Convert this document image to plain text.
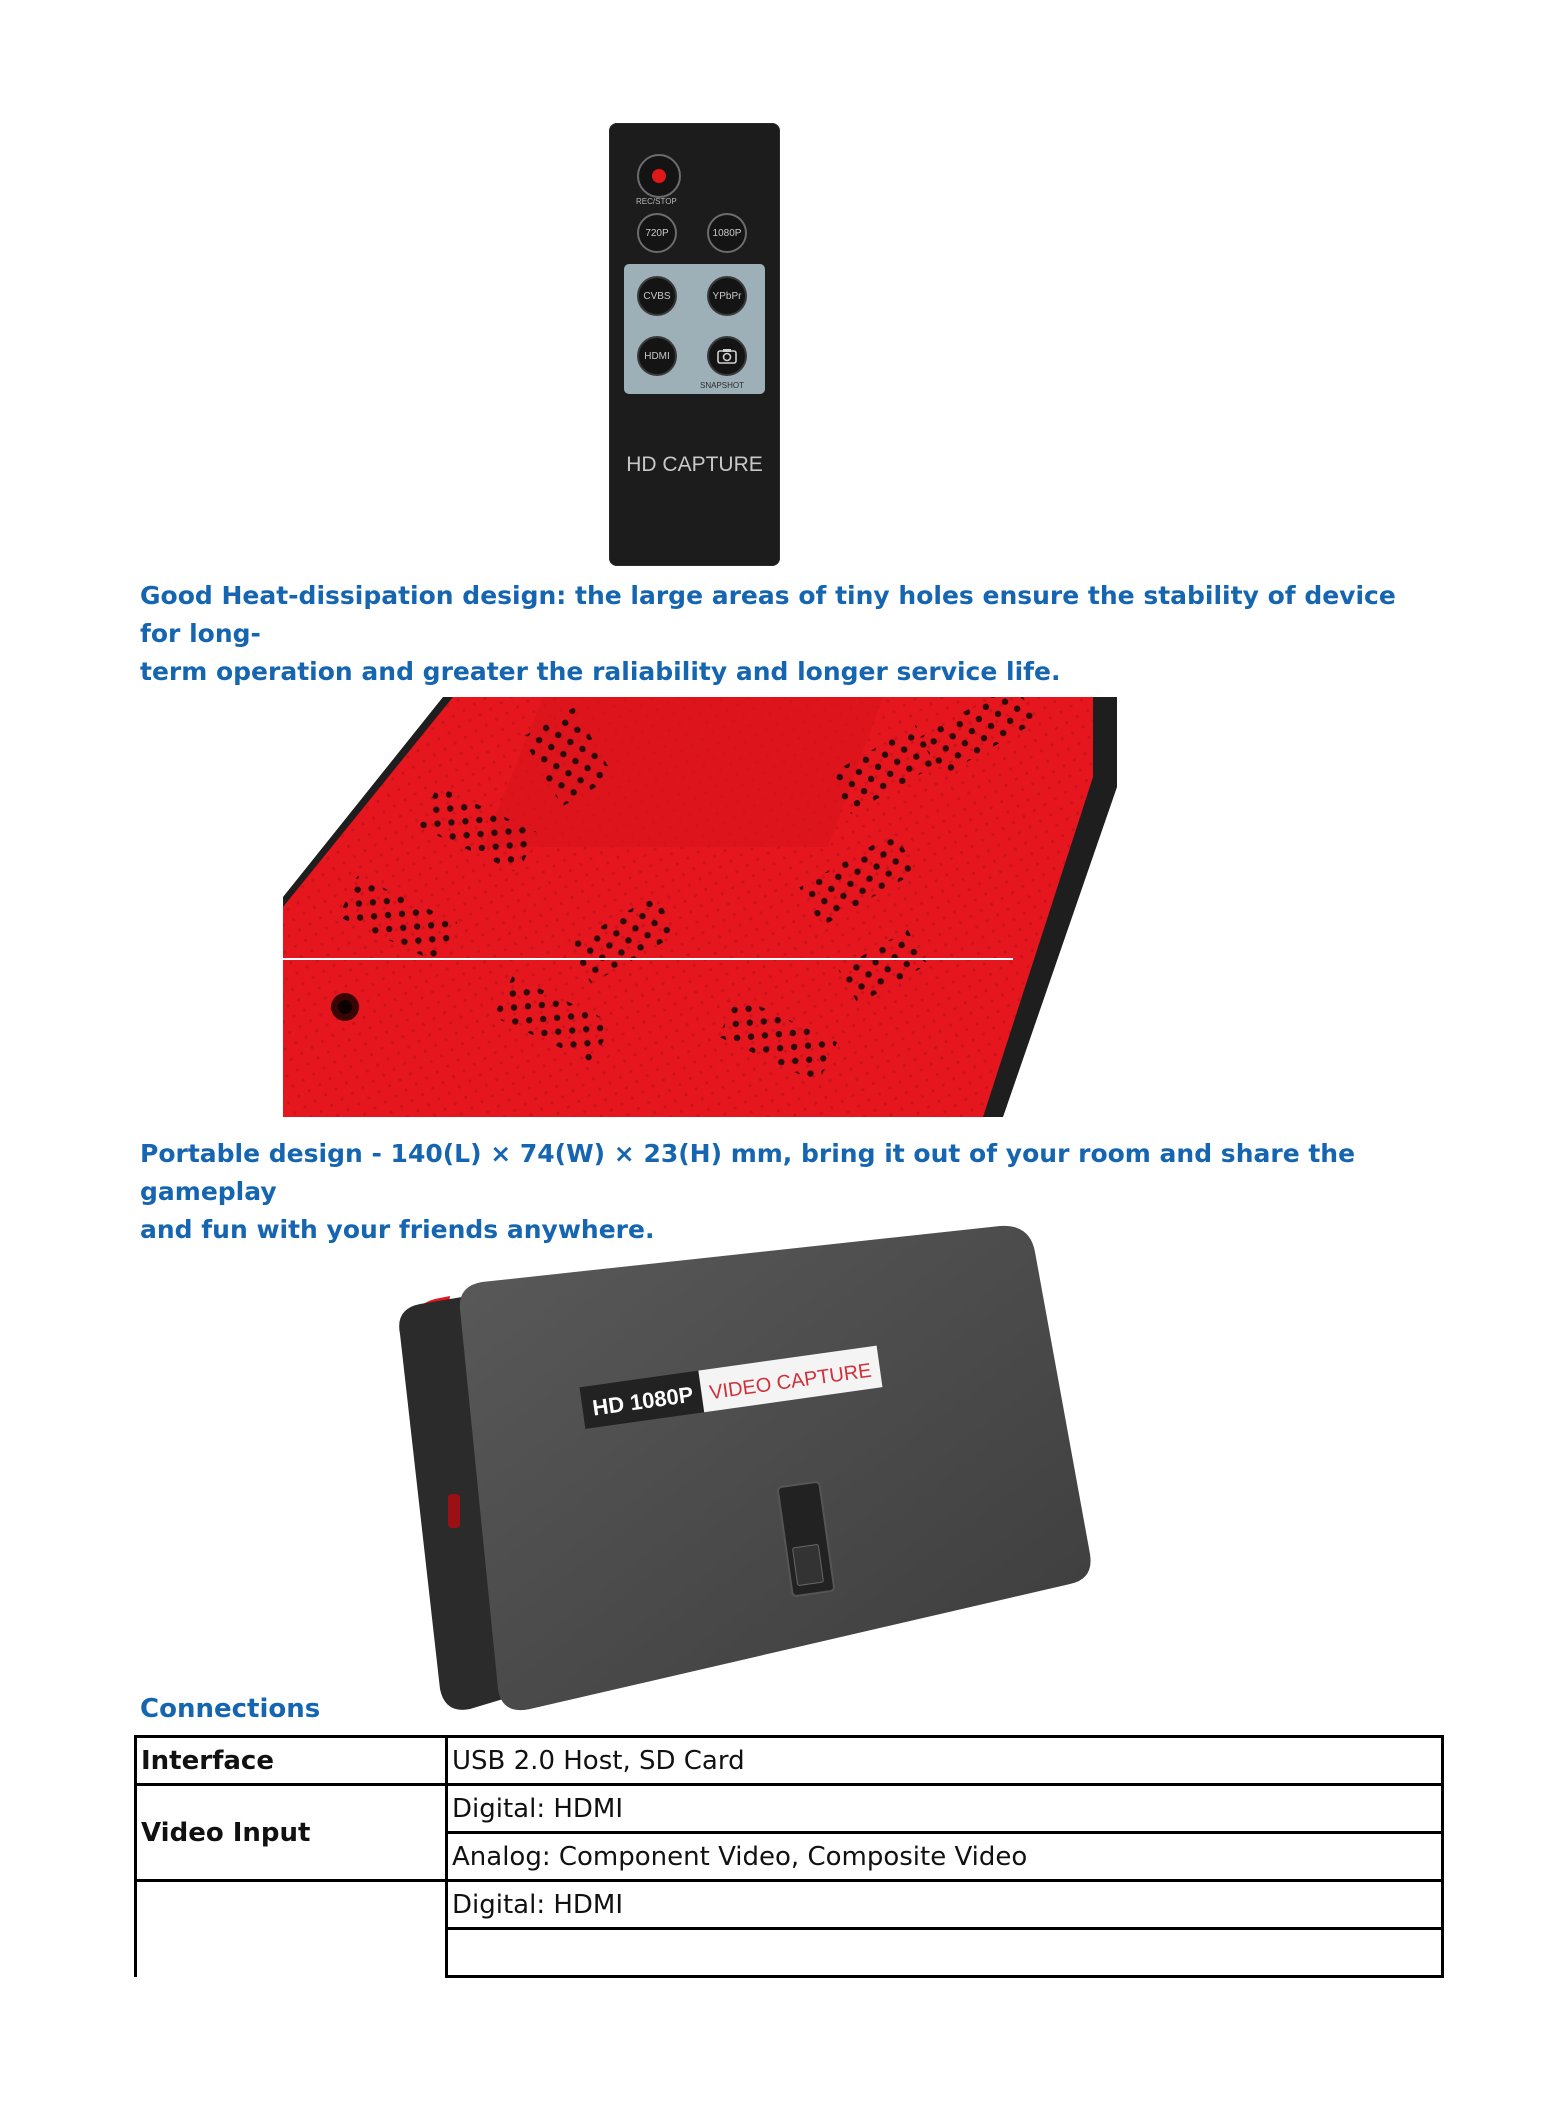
REC/STOP
720P	1080P
CVBS	YPbPr
HDMI
SNAPSHOT
HD CAPTURE
Good Heat-dissipation design: the large areas of tiny holes ensure the stability of device for long-
term operation and greater the raliability and longer service life.
Portable design - 140(L) × 74(W) × 23(H) mm, bring it out of your room and share the gameplay
and fun with your friends anywhere.
HD 1080P VIDEO CAPTURE
Connections
Interface	USB 2.0 Host, SD Card
Video Input	Digital: HDMI
	Analog: Component Video, Composite Video
	Digital: HDMI
